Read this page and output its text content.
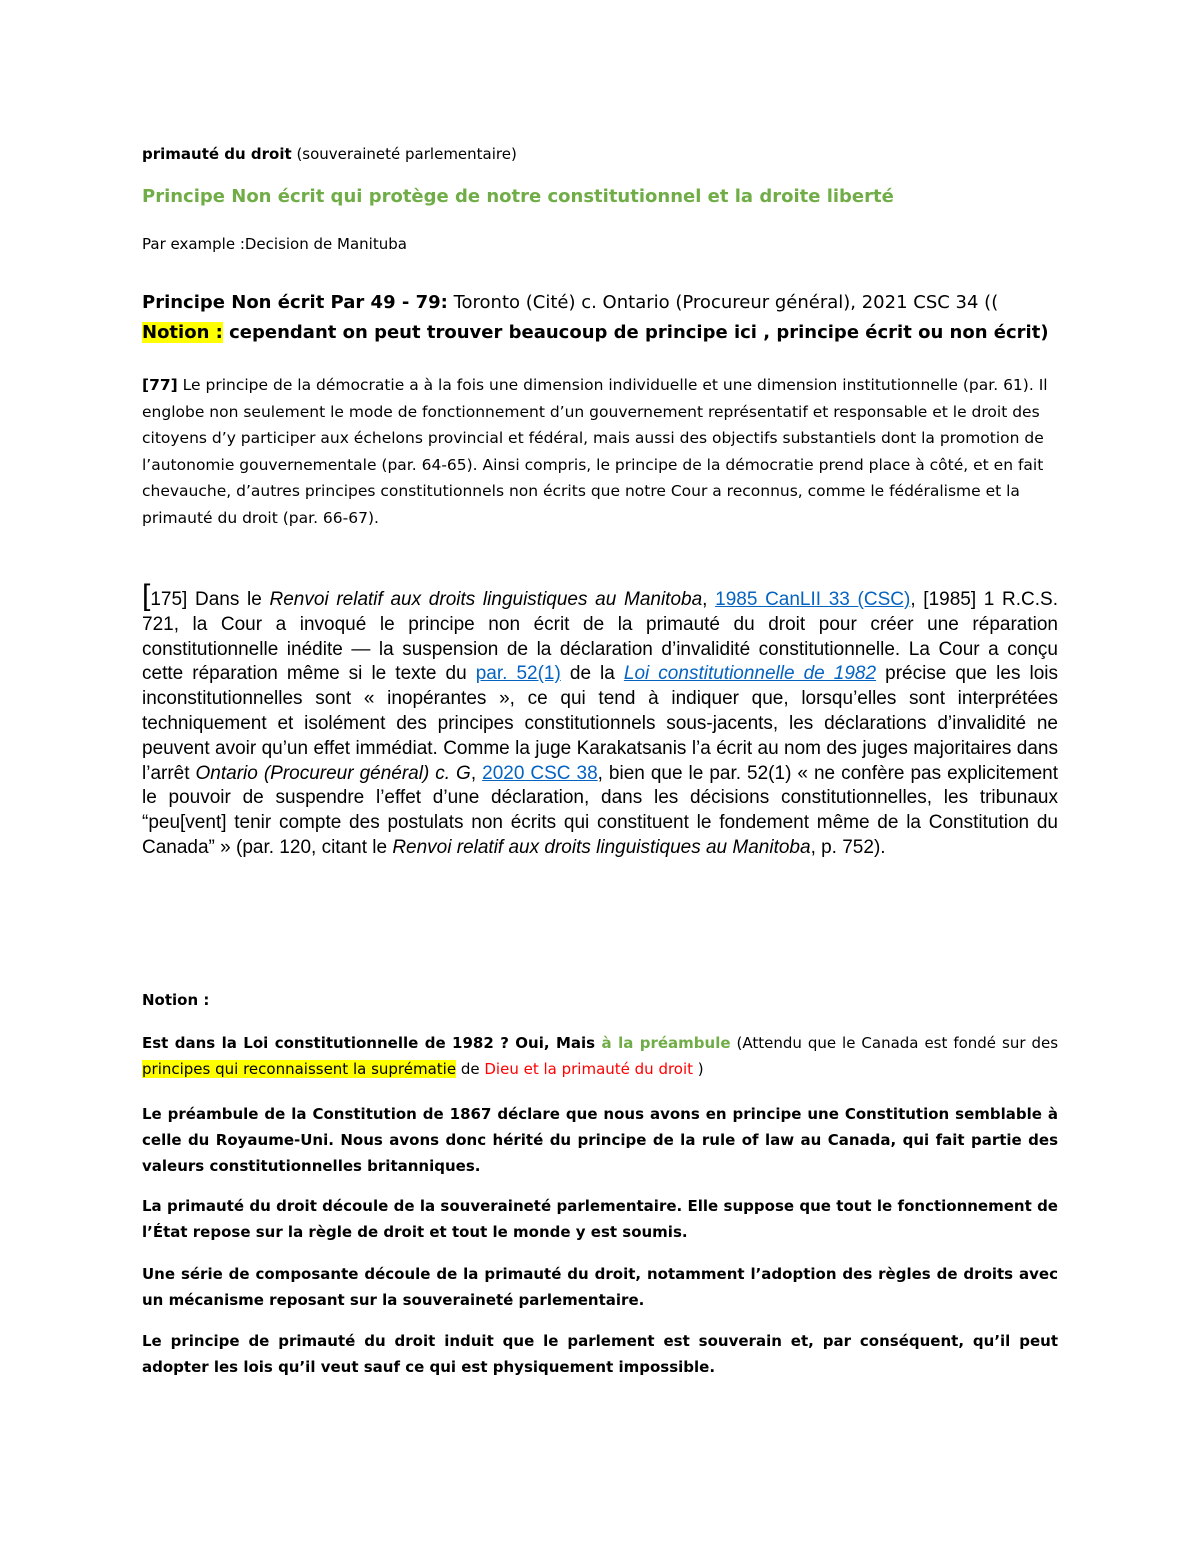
primauté du droit (souveraineté parlementaire)
Principe Non écrit qui protège de notre constitutionnel et la droite liberté
Par example :Decision de Manituba
Principe Non écrit Par 49 - 79: Toronto (Cité) c. Ontario (Procureur général), 2021 CSC 34 ((
Notion : cependant on peut trouver beaucoup de principe ici , principe écrit ou non écrit)
[77] Le principe de la démocratie a à la fois une dimension individuelle et une dimension institutionnelle (par. 61). Il englobe non seulement le mode de fonctionnement d’un gouvernement représentatif et responsable et le droit des citoyens d’y participer aux échelons provincial et fédéral, mais aussi des objectifs substantiels dont la promotion de l’autonomie gouvernementale (par. 64-65). Ainsi compris, le principe de la démocratie prend place à côté, et en fait chevauche, d’autres principes constitutionnels non écrits que notre Cour a reconnus, comme le fédéralisme et la primauté du droit (par. 66-67).
[175] Dans le Renvoi relatif aux droits linguistiques au Manitoba, 1985 CanLII 33 (CSC), [1985] 1 R.C.S. 721, la Cour a invoqué le principe non écrit de la primauté du droit pour créer une réparation constitutionnelle inédite — la suspension de la déclaration d’invalidité constitutionnelle. La Cour a conçu cette réparation même si le texte du par. 52(1) de la Loi constitutionnelle de 1982 précise que les lois inconstitutionnelles sont « inopérantes », ce qui tend à indiquer que, lorsqu’elles sont interprétées techniquement et isolément des principes constitutionnels sous-jacents, les déclarations d’invalidité ne peuvent avoir qu’un effet immédiat. Comme la juge Karakatsanis l’a écrit au nom des juges majoritaires dans l’arrêt Ontario (Procureur général) c. G, 2020 CSC 38, bien que le par. 52(1) « ne confère pas explicitement le pouvoir de suspendre l’effet d’une déclaration, dans les décisions constitutionnelles, les tribunaux “peu[vent] tenir compte des postulats non écrits qui constituent le fondement même de la Constitution du Canada” » (par. 120, citant le Renvoi relatif aux droits linguistiques au Manitoba, p. 752).
Notion :
Est dans la Loi constitutionnelle de 1982 ? Oui, Mais à la préambule (Attendu que le Canada est fondé sur des principes qui reconnaissent la suprématie de Dieu et la primauté du droit )
Le préambule de la Constitution de 1867 déclare que nous avons en principe une Constitution semblable à celle du Royaume-Uni. Nous avons donc hérité du principe de la rule of law au Canada, qui fait partie des valeurs constitutionnelles britanniques.
La primauté du droit découle de la souveraineté parlementaire. Elle suppose que tout le fonctionnement de l’État repose sur la règle de droit et tout le monde y est soumis.
Une série de composante découle de la primauté du droit, notamment l’adoption des règles de droits avec un mécanisme reposant sur la souveraineté parlementaire.
Le principe de primauté du droit induit que le parlement est souverain et, par conséquent, qu’il peut adopter les lois qu’il veut sauf ce qui est physiquement impossible.
